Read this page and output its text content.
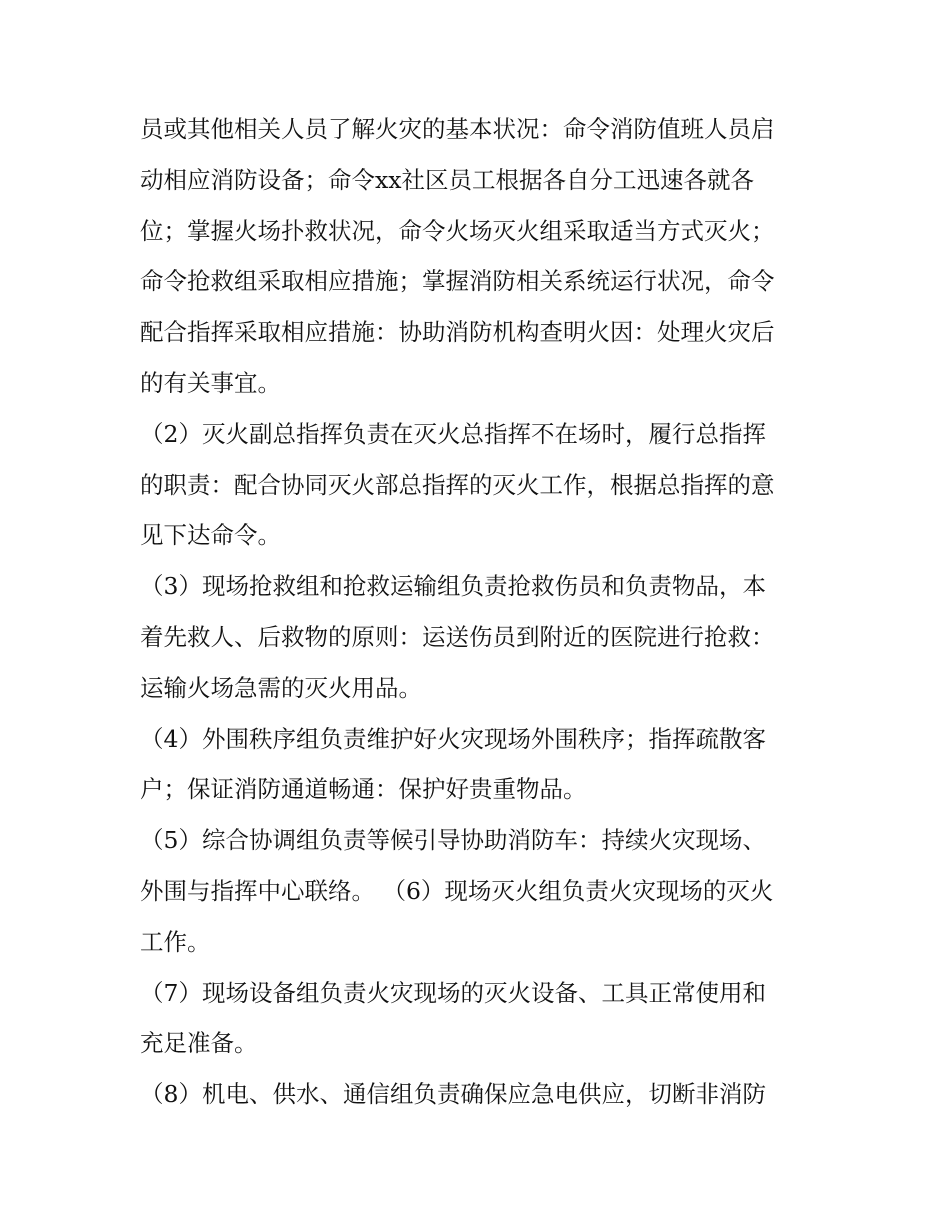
员或其他相关人员了解火灾的基本状况：命令消防值班人员启
动相应消防设备；命令xx社区员工根据各自分工迅速各就各
位；掌握火场扑救状况，命令火场灭火组采取适当方式灭火；
命令抢救组采取相应措施；掌握消防相关系统运行状况，命令
配合指挥采取相应措施：协助消防机构查明火因：处理火灾后
的有关事宜。
（2）灭火副总指挥负责在灭火总指挥不在场时，履行总指挥
的职责：配合协同灭火部总指挥的灭火工作，根据总指挥的意
见下达命令。
（3）现场抢救组和抢救运输组负责抢救伤员和负责物品，本
着先救人、后救物的原则：运送伤员到附近的医院进行抢救：
运输火场急需的灭火用品。
（4）外围秩序组负责维护好火灾现场外围秩序；指挥疏散客
户；保证消防通道畅通：保护好贵重物品。
（5）综合协调组负责等候引导协助消防车：持续火灾现场、
外围与指挥中心联络。 （6）现场灭火组负责火灾现场的灭火
工作。
（7）现场设备组负责火灾现场的灭火设备、工具正常使用和
充足准备。
（8）机电、供水、通信组负责确保应急电供应，切断非消防
